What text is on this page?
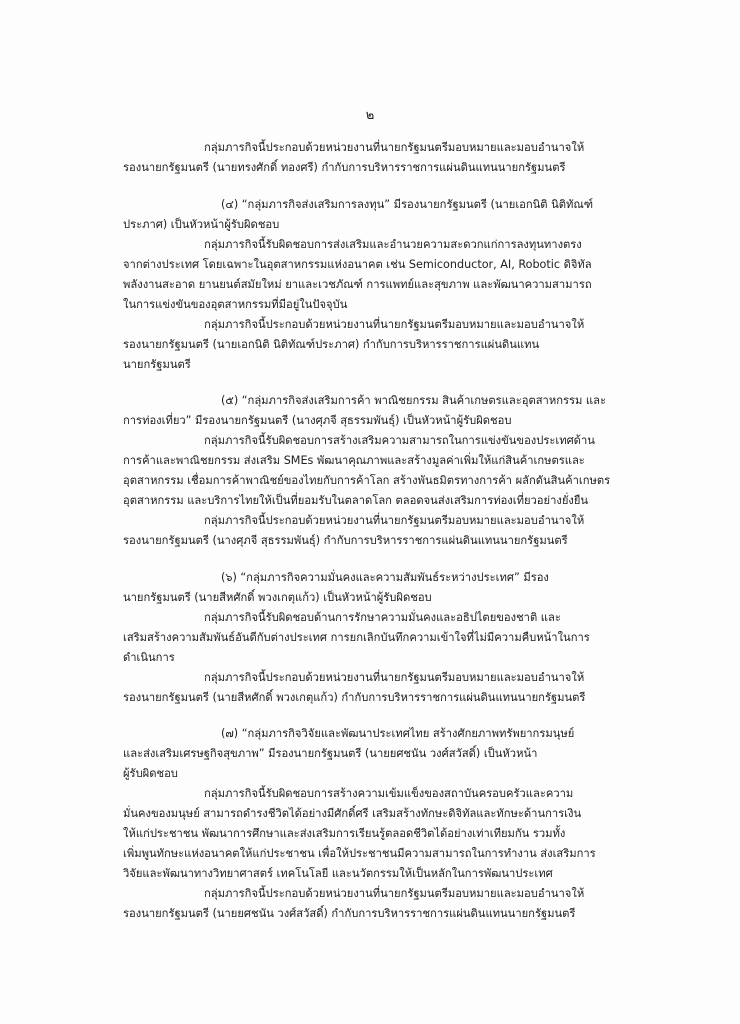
๒
กลุ่มภารกิจนี้ประกอบด้วยหน่วยงานที่นายกรัฐมนตรีมอบหมายและมอบอำนาจให้
รองนายกรัฐมนตรี (นายทรงศักดิ์ ทองศรี) กำกับการบริหารราชการแผ่นดินแทนนายกรัฐมนตรี
(๔) “กลุ่มภารกิจส่งเสริมการลงทุน” มีรองนายกรัฐมนตรี (นายเอกนิติ นิติทัณฑ์
ประภาศ) เป็นหัวหน้าผู้รับผิดชอบ
กลุ่มภารกิจนี้รับผิดชอบการส่งเสริมและอำนวยความสะดวกแก่การลงทุนทางตรง
จากต่างประเทศ โดยเฉพาะในอุตสาหกรรมแห่งอนาคต เช่น Semiconductor, AI, Robotic ดิจิทัล
พลังงานสะอาด ยานยนต์สมัยใหม่ ยาและเวชภัณฑ์ การแพทย์และสุขภาพ และพัฒนาความสามารถ
ในการแข่งขันของอุตสาหกรรมที่มีอยู่ในปัจจุบัน
กลุ่มภารกิจนี้ประกอบด้วยหน่วยงานที่นายกรัฐมนตรีมอบหมายและมอบอำนาจให้
รองนายกรัฐมนตรี (นายเอกนิติ นิติทัณฑ์ประภาศ) กำกับการบริหารราชการแผ่นดินแทน
นายกรัฐมนตรี
(๕) “กลุ่มภารกิจส่งเสริมการค้า พาณิชยกรรม สินค้าเกษตรและอุตสาหกรรม และ
การท่องเที่ยว” มีรองนายกรัฐมนตรี (นางศุภจี สุธรรมพันธุ์) เป็นหัวหน้าผู้รับผิดชอบ
กลุ่มภารกิจนี้รับผิดชอบการสร้างเสริมความสามารถในการแข่งขันของประเทศด้าน
การค้าและพาณิชยกรรม ส่งเสริม SMEs พัฒนาคุณภาพและสร้างมูลค่าเพิ่มให้แก่สินค้าเกษตรและ
อุตสาหกรรม เชื่อมการค้าพาณิชย์ของไทยกับการค้าโลก สร้างพันธมิตรทางการค้า ผลักดันสินค้าเกษตร
อุตสาหกรรม และบริการไทยให้เป็นที่ยอมรับในตลาดโลก ตลอดจนส่งเสริมการท่องเที่ยวอย่างยั่งยืน
กลุ่มภารกิจนี้ประกอบด้วยหน่วยงานที่นายกรัฐมนตรีมอบหมายและมอบอำนาจให้
รองนายกรัฐมนตรี (นางศุภจี สุธรรมพันธุ์) กำกับการบริหารราชการแผ่นดินแทนนายกรัฐมนตรี
(๖) “กลุ่มภารกิจความมั่นคงและความสัมพันธ์ระหว่างประเทศ” มีรอง
นายกรัฐมนตรี (นายสีหศักดิ์ พวงเกตุแก้ว) เป็นหัวหน้าผู้รับผิดชอบ
กลุ่มภารกิจนี้รับผิดชอบด้านการรักษาความมั่นคงและอธิปไตยของชาติ และ
เสริมสร้างความสัมพันธ์อันดีกับต่างประเทศ การยกเลิกบันทึกความเข้าใจที่ไม่มีความคืบหน้าในการ
ดำเนินการ
กลุ่มภารกิจนี้ประกอบด้วยหน่วยงานที่นายกรัฐมนตรีมอบหมายและมอบอำนาจให้
รองนายกรัฐมนตรี (นายสีหศักดิ์ พวงเกตุแก้ว) กำกับการบริหารราชการแผ่นดินแทนนายกรัฐมนตรี
(๗) “กลุ่มภารกิจวิจัยและพัฒนาประเทศไทย สร้างศักยภาพทรัพยากรมนุษย์
และส่งเสริมเศรษฐกิจสุขภาพ” มีรองนายกรัฐมนตรี (นายยศชนัน วงศ์สวัสดิ์) เป็นหัวหน้า
ผู้รับผิดชอบ
กลุ่มภารกิจนี้รับผิดชอบการสร้างความเข้มแข็งของสถาบันครอบครัวและความ
มั่นคงของมนุษย์ สามารถดำรงชีวิตได้อย่างมีศักดิ์ศรี เสริมสร้างทักษะดิจิทัลและทักษะด้านการเงิน
ให้แก่ประชาชน พัฒนาการศึกษาและส่งเสริมการเรียนรู้ตลอดชีวิตได้อย่างเท่าเทียมกัน รวมทั้ง
เพิ่มพูนทักษะแห่งอนาคตให้แก่ประชาชน เพื่อให้ประชาชนมีความสามารถในการทำงาน ส่งเสริมการ
วิจัยและพัฒนาทางวิทยาศาสตร์ เทคโนโลยี และนวัตกรรมให้เป็นหลักในการพัฒนาประเทศ
กลุ่มภารกิจนี้ประกอบด้วยหน่วยงานที่นายกรัฐมนตรีมอบหมายและมอบอำนาจให้
รองนายกรัฐมนตรี (นายยศชนัน วงศ์สวัสดิ์) กำกับการบริหารราชการแผ่นดินแทนนายกรัฐมนตรี
